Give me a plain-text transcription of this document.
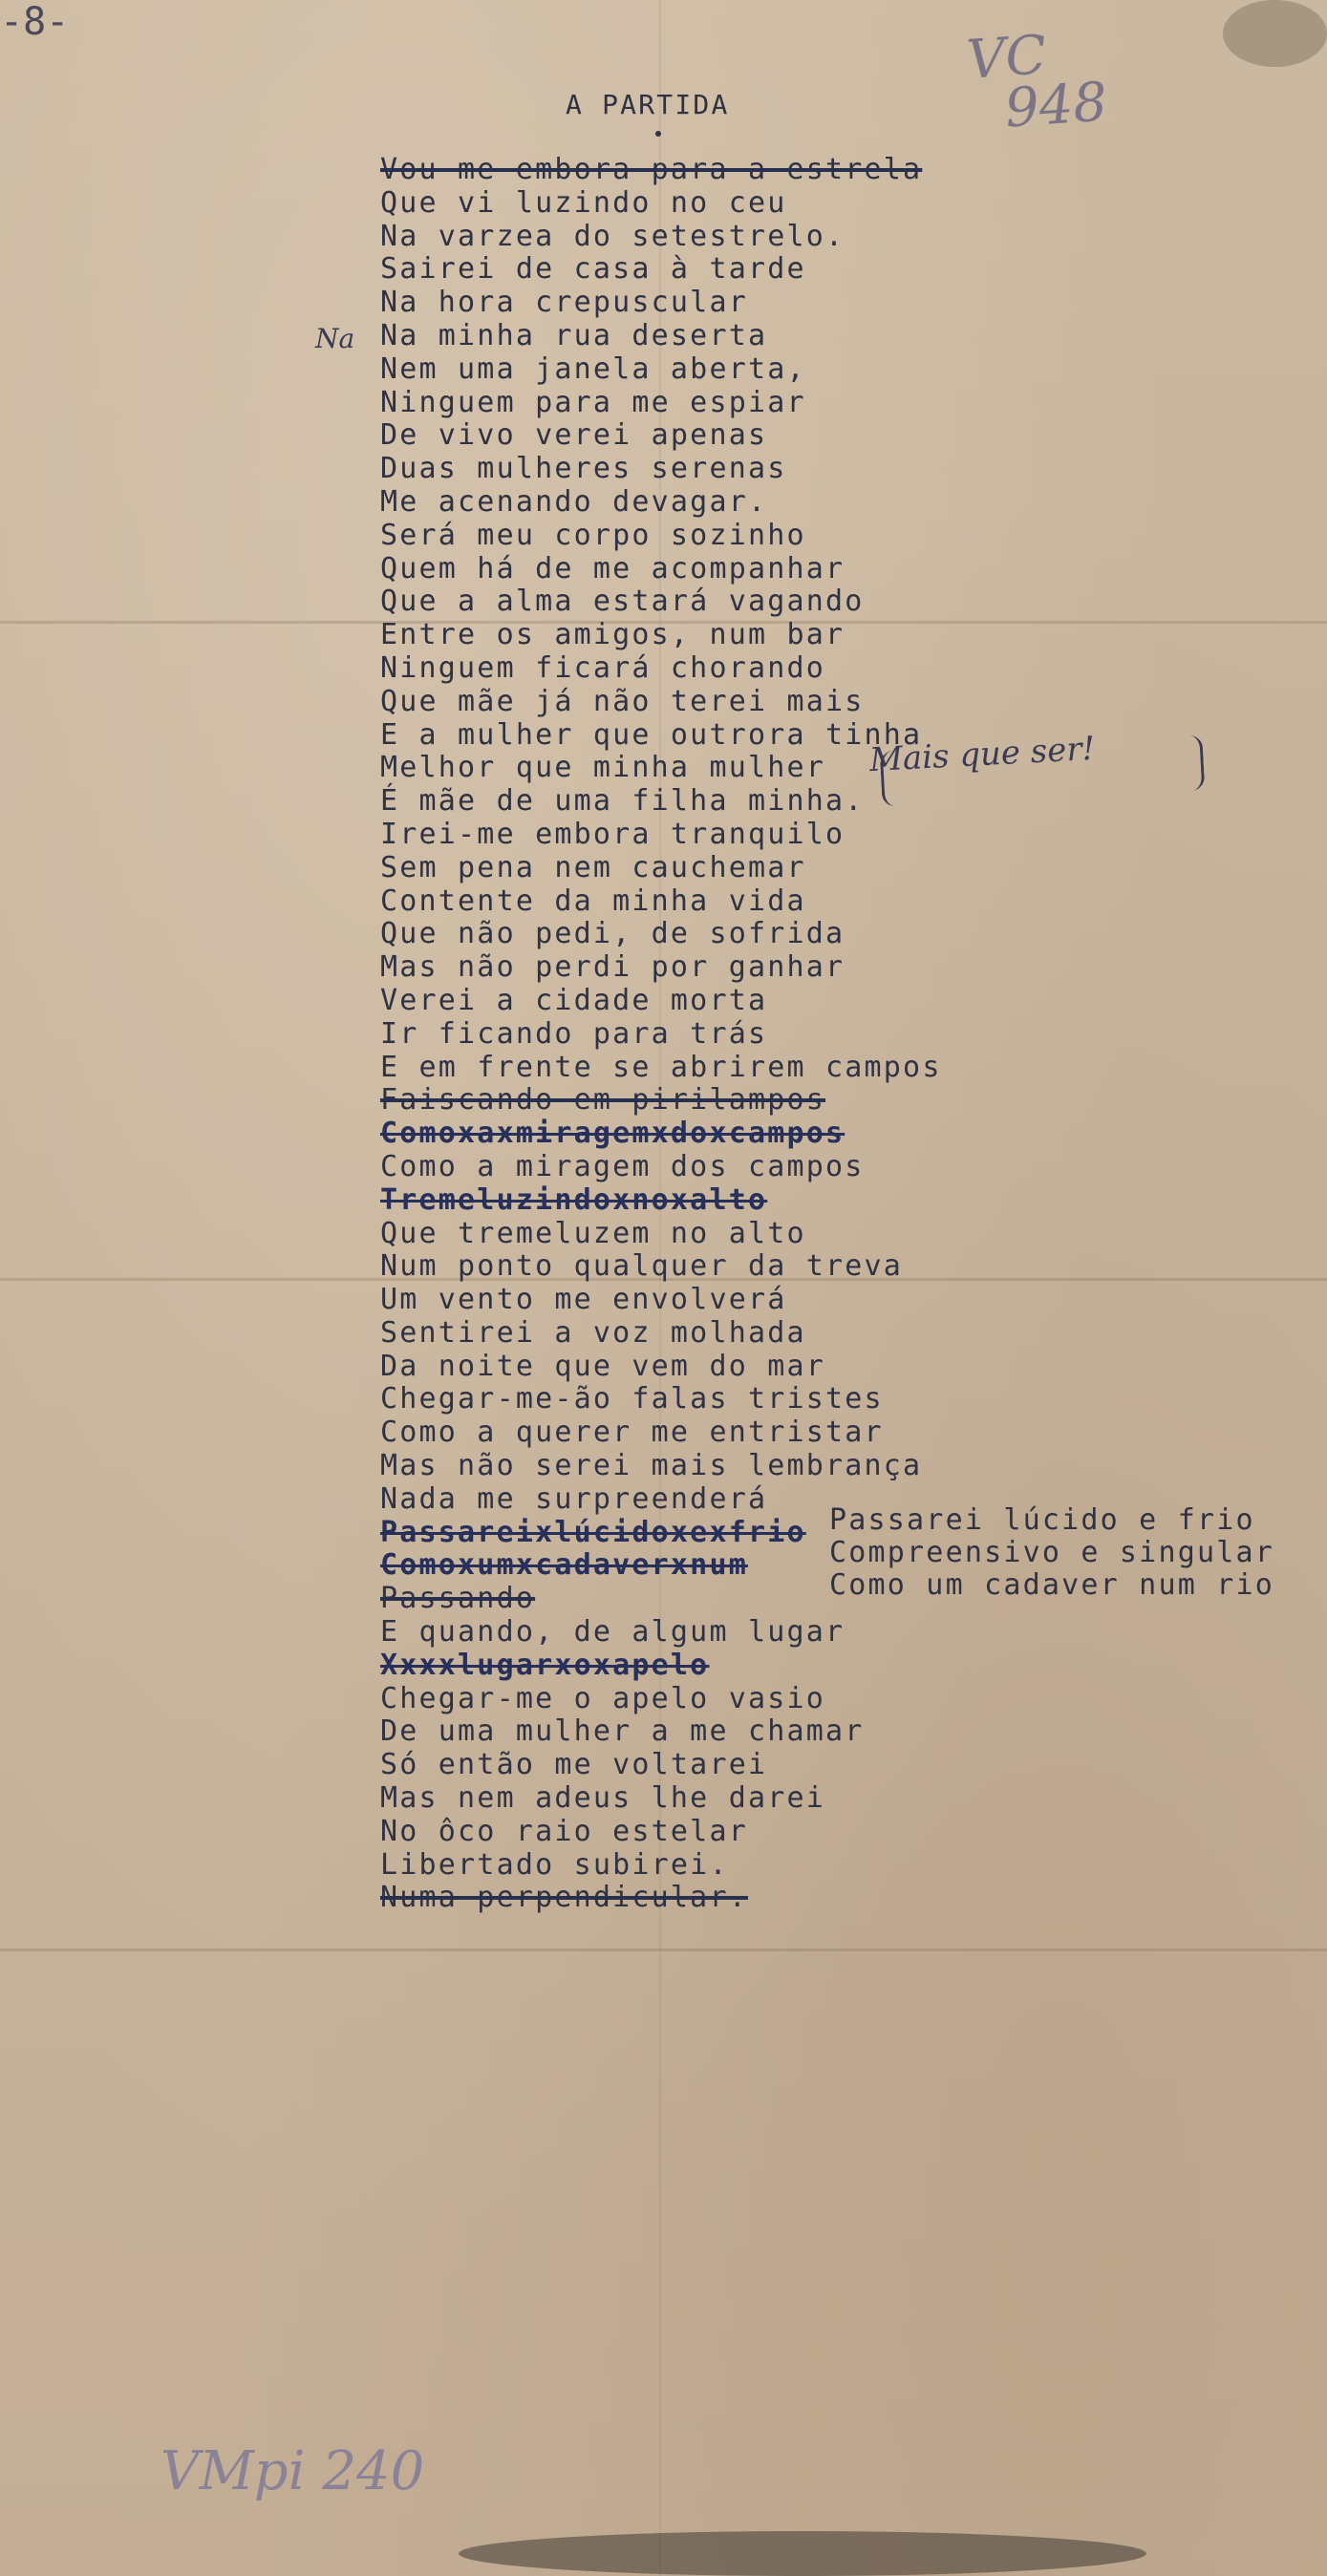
VC
948
A PARTIDA
Na
Vou-me embora para a estrela
Que vi luzindo no ceu
Na varzea do setestrelo.
Sairei de casa à tarde
Na hora crepuscular
Na minha rua deserta
Nem uma janela aberta,
Ninguem para me espiar
De vivo verei apenas
Duas mulheres serenas
Me acenando devagar.
Será meu corpo sozinho
Quem há de me acompanhar
Que a alma estará vagando
Entre os amigos, num bar
Ninguem ficará chorando
Que mãe já não terei mais
E a mulher que outrora tinha
Melhor que minha mulher
É mãe de uma filha minha.
Irei-me embora tranquilo
Sem pena nem cauchemar
Contente da minha vida
Que não pedi, de sofrida
Mas não perdi por ganhar
Verei a cidade morta
Ir ficando para trás
E em frente se abrirem campos
Faiscando em pirilampos
Comoxaxmiragemxdoxcampos
Como a miragem dos campos
Tremeluzindoxnoxalto
Que tremeluzem no alto
Num ponto qualquer da treva
Um vento me envolverá
Sentirei a voz molhada
Da noite que vem do mar
Chegar-me-ão falas tristes
Como a querer me entristar
Mas não serei mais lembrança
Nada me surpreenderá
Passareixlúcidoxexfrio
Comoxumxcadaverxnum
Passando
E quando, de algum lugar
Xxxxlugarxoxapelo
Chegar-me o apelo vasio
De uma mulher a me chamar
Só então me voltarei
Mas nem adeus lhe darei
No ôco raio estelar
Libertado subirei.
Numa perpendicular.
Mais que ser!
Passarei lúcido e frio
Compreensivo e singular
Como um cadaver num rio
VMpi 240
-8-
